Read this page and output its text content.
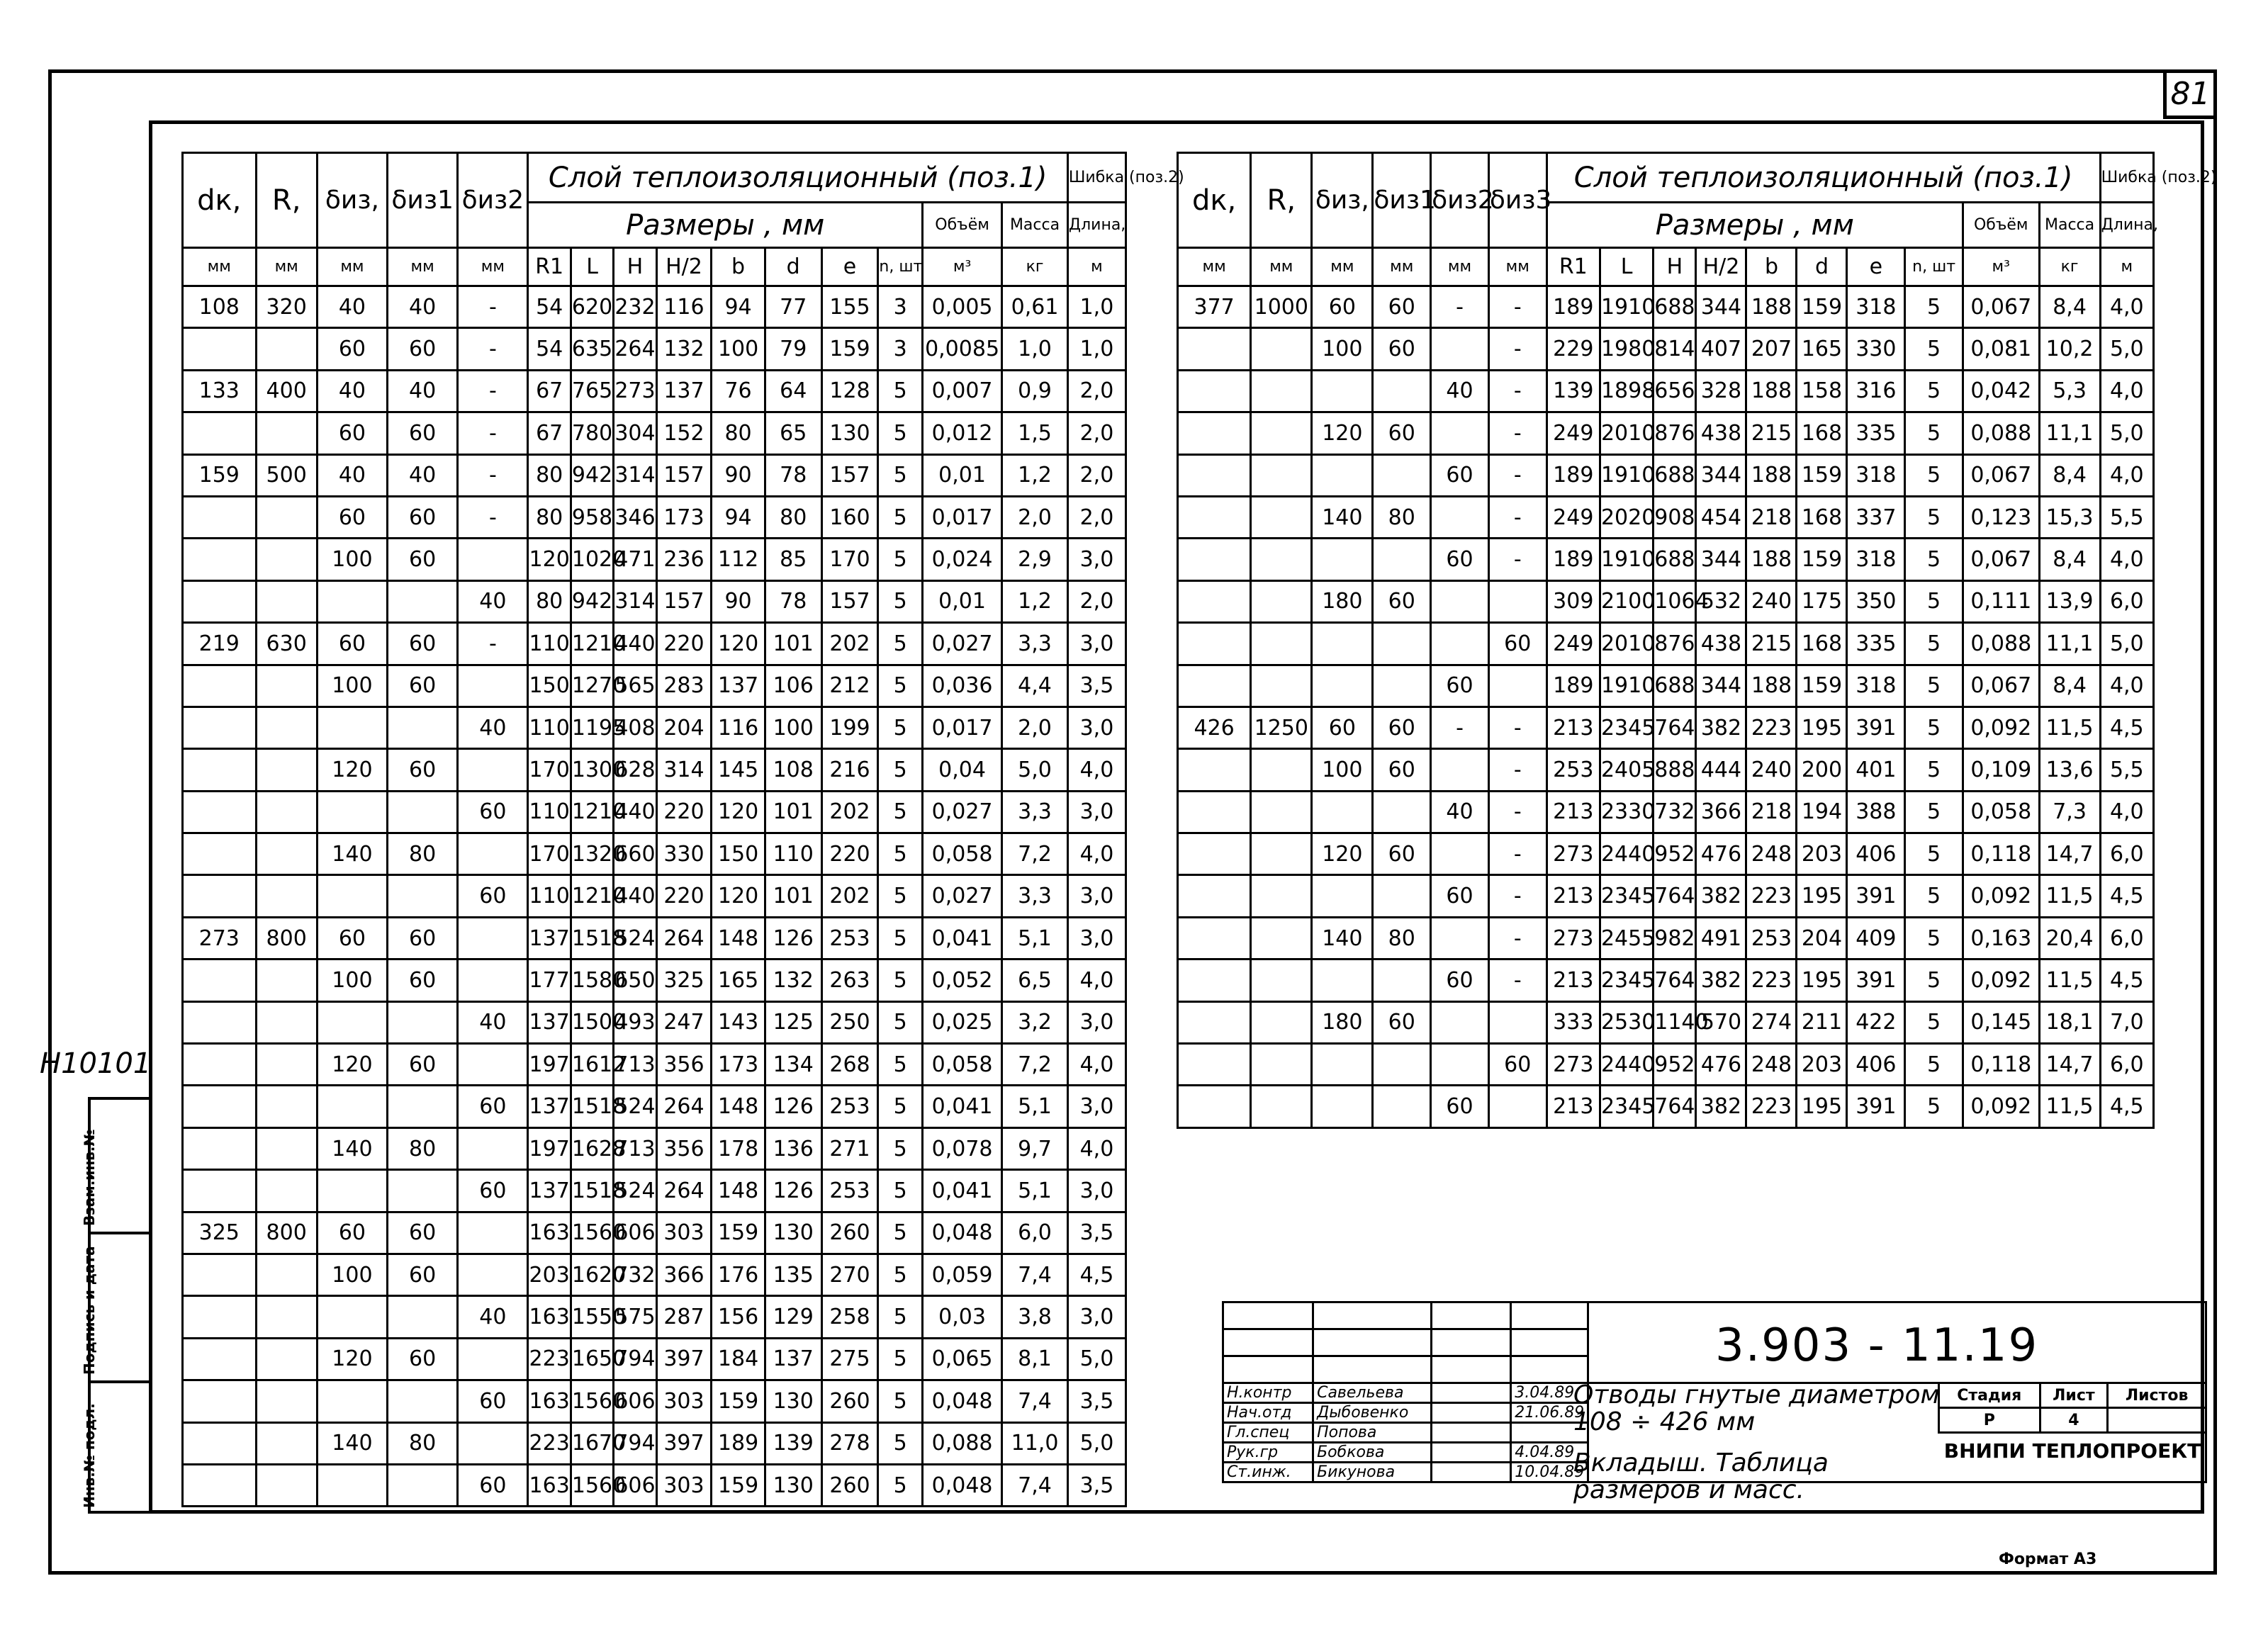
81
Н10101
Взам.инв.№
Подпись и дата
Инв.№ подл.
dк,	R,	δиз,	δиз1	δиз2	Слой теплоизоляционный (поз.1)										Шибка (поз.2)
					Размеры , мм								Объём	Масса	Длина,
мм	мм	мм	мм	мм	R1	L	H	H/2	b	d	e	n, шт	м³	кг	м
108	320	40	40	-	54	620	232	116	94	77	155	3	0,005	0,61	1,0
		60	60	-	54	635	264	132	100	79	159	3	0,0085	1,0	1,0
133	400	40	40	-	67	765	273	137	76	64	128	5	0,007	0,9	2,0
		60	60	-	67	780	304	152	80	65	130	5	0,012	1,5	2,0
159	500	40	40	-	80	942	314	157	90	78	157	5	0,01	1,2	2,0
		60	60	-	80	958	346	173	94	80	160	5	0,017	2,0	2,0
		100	60		120	1020	471	236	112	85	170	5	0,024	2,9	3,0
				40	80	942	314	157	90	78	157	5	0,01	1,2	2,0
219	630	60	60	-	110	1210	440	220	120	101	202	5	0,027	3,3	3,0
		100	60		150	1270	565	283	137	106	212	5	0,036	4,4	3,5
				40	110	1195	408	204	116	100	199	5	0,017	2,0	3,0
		120	60		170	1300	628	314	145	108	216	5	0,04	5,0	4,0
				60	110	1210	440	220	120	101	202	5	0,027	3,3	3,0
		140	80		170	1320	660	330	150	110	220	5	0,058	7,2	4,0
				60	110	1210	440	220	120	101	202	5	0,027	3,3	3,0
273	800	60	60		137	1518	524	264	148	126	253	5	0,041	5,1	3,0
		100	60		177	1580	650	325	165	132	263	5	0,052	6,5	4,0
				40	137	1500	493	247	143	125	250	5	0,025	3,2	3,0
		120	60		197	1612	713	356	173	134	268	5	0,058	7,2	4,0
				60	137	1518	524	264	148	126	253	5	0,041	5,1	3,0
		140	80		197	1628	713	356	178	136	271	5	0,078	9,7	4,0
				60	137	1518	524	264	148	126	253	5	0,041	5,1	3,0
325	800	60	60		163	1560	606	303	159	130	260	5	0,048	6,0	3,5
		100	60		203	1620	732	366	176	135	270	5	0,059	7,4	4,5
				40	163	1550	575	287	156	129	258	5	0,03	3,8	3,0
		120	60		223	1650	794	397	184	137	275	5	0,065	8,1	5,0
				60	163	1560	606	303	159	130	260	5	0,048	7,4	3,5
		140	80		223	1670	794	397	189	139	278	5	0,088	11,0	5,0
				60	163	1560	606	303	159	130	260	5	0,048	7,4	3,5
dк,	R,	δиз,	δиз1	δиз2	δиз3	Слой теплоизоляционный (поз.1)										Шибка (поз.2)
						Размеры , мм								Объём	Масса	Длина,
мм	мм	мм	мм	мм	мм	R1	L	H	H/2	b	d	e	n, шт	м³	кг	м
377	1000	60	60	-	-	189	1910	688	344	188	159	318	5	0,067	8,4	4,0
		100	60		-	229	1980	814	407	207	165	330	5	0,081	10,2	5,0
				40	-	139	1898	656	328	188	158	316	5	0,042	5,3	4,0
		120	60		-	249	2010	876	438	215	168	335	5	0,088	11,1	5,0
				60	-	189	1910	688	344	188	159	318	5	0,067	8,4	4,0
		140	80		-	249	2020	908	454	218	168	337	5	0,123	15,3	5,5
				60	-	189	1910	688	344	188	159	318	5	0,067	8,4	4,0
		180	60			309	2100	1064	532	240	175	350	5	0,111	13,9	6,0
					60	249	2010	876	438	215	168	335	5	0,088	11,1	5,0
				60		189	1910	688	344	188	159	318	5	0,067	8,4	4,0
426	1250	60	60	-	-	213	2345	764	382	223	195	391	5	0,092	11,5	4,5
		100	60		-	253	2405	888	444	240	200	401	5	0,109	13,6	5,5
				40	-	213	2330	732	366	218	194	388	5	0,058	7,3	4,0
		120	60		-	273	2440	952	476	248	203	406	5	0,118	14,7	6,0
				60	-	213	2345	764	382	223	195	391	5	0,092	11,5	4,5
		140	80		-	273	2455	982	491	253	204	409	5	0,163	20,4	6,0
				60	-	213	2345	764	382	223	195	391	5	0,092	11,5	4,5
		180	60			333	2530	1140	570	274	211	422	5	0,145	18,1	7,0
					60	273	2440	952	476	248	203	406	5	0,118	14,7	6,0
				60		213	2345	764	382	223	195	391	5	0,092	11,5	4,5

Н.контр	Савельева		3.04.89	
Нач.отд	Дыбовенко		21.06.89	
Гл.спец	Попова			
Рук.гр	Бобкова		4.04.89	
Ст.инж.	Бикунова		10.04.89	
3.903 - 11.19
Отводы гнутые диаметром 108 ÷ 426 мм
Вкладыш. Таблица размеров и масс.
Стадия	Лист	Листов
Р	4	
ВНИПИ ТЕПЛОПРОЕКТ
Формат А3
